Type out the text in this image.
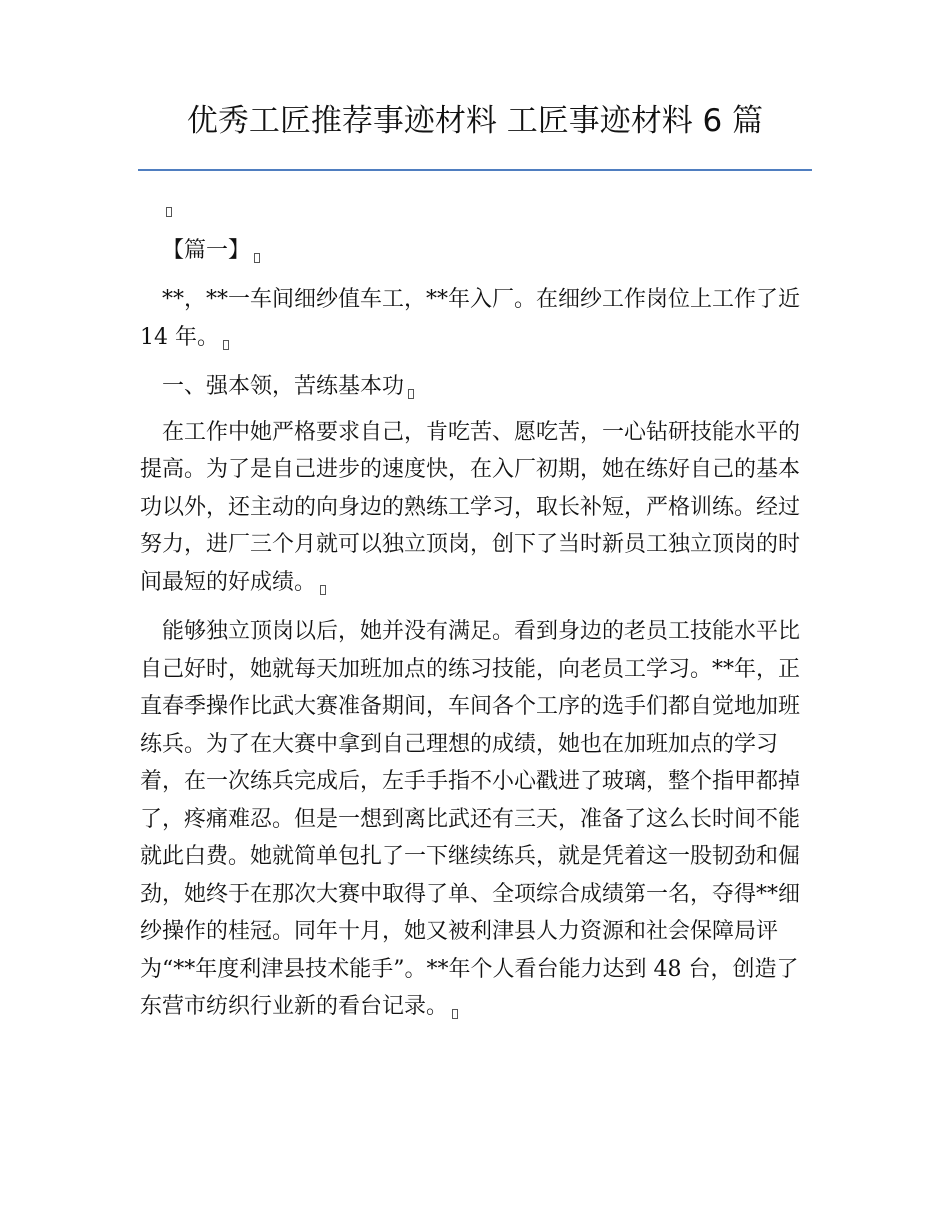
优秀工匠推荐事迹材料 工匠事迹材料 6 篇
【篇一】

**，**一车间细纱值车工，**年入厂。在细纱工作岗位上工作了近 14 年。

一、强本领，苦练基本功

在工作中她严格要求自己，肯吃苦、愿吃苦，一心钻研技能水平的提高。为了是自己进步的速度快，在入厂初期，她在练好自己的基本功以外，还主动的向身边的熟练工学习，取长补短，严格训练。经过努力，进厂三个月就可以独立顶岗，创下了当时新员工独立顶岗的时间最短的好成绩。

能够独立顶岗以后，她并没有满足。看到身边的老员工技能水平比自己好时，她就每天加班加点的练习技能，向老员工学习。**年，正直春季操作比武大赛准备期间，车间各个工序的选手们都自觉地加班练兵。为了在大赛中拿到自己理想的成绩，她也在加班加点的学习着，在一次练兵完成后，左手手指不小心戳进了玻璃，整个指甲都掉了，疼痛难忍。但是一想到离比武还有三天，准备了这么长时间不能就此白费。她就简单包扎了一下继续练兵，就是凭着这一股韧劲和倔劲，她终于在那次大赛中取得了单、全项综合成绩第一名，夺得**细纱操作的桂冠。同年十月，她又被利津县人力资源和社会保障局评为“**年度利津县技术能手”。**年个人看台能力达到 48 台，创造了东营市纺织行业新的看台记录。
